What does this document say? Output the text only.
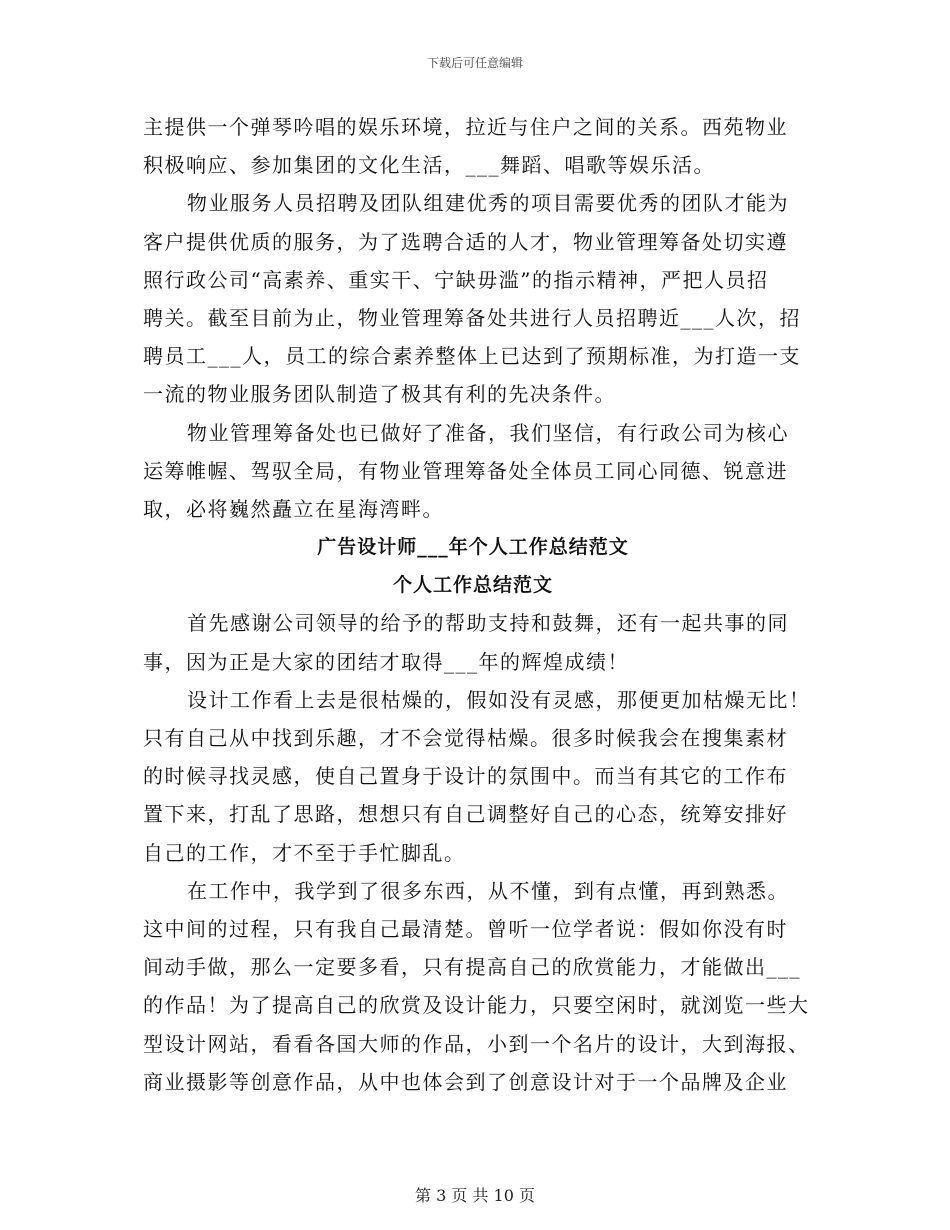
下载后可任意编辑
主提供一个弹琴吟唱的娱乐环境，拉近与住户之间的关系。西苑物业
积极响应、参加集团的文化生活，___舞蹈、唱歌等娱乐活。
物业服务人员招聘及团队组建优秀的项目需要优秀的团队才能为
客户提供优质的服务，为了选聘合适的人才，物业管理筹备处切实遵
照行政公司“高素养、重实干、宁缺毋滥”的指示精神，严把人员招
聘关。截至目前为止，物业管理筹备处共进行人员招聘近___人次，招
聘员工___人，员工的综合素养整体上已达到了预期标准，为打造一支
一流的物业服务团队制造了极其有利的先决条件。
物业管理筹备处也已做好了准备，我们坚信，有行政公司为核心
运筹帷幄、驾驭全局，有物业管理筹备处全体员工同心同德、锐意进
取，必将巍然矗立在星海湾畔。
广告设计师___年个人工作总结范文
个人工作总结范文
首先感谢公司领导的给予的帮助支持和鼓舞，还有一起共事的同
事，因为正是大家的团结才取得___年的辉煌成绩！
设计工作看上去是很枯燥的，假如没有灵感，那便更加枯燥无比！
只有自己从中找到乐趣，才不会觉得枯燥。很多时候我会在搜集素材
的时候寻找灵感，使自己置身于设计的氛围中。而当有其它的工作布
置下来，打乱了思路，想想只有自己调整好自己的心态，统筹安排好
自己的工作，才不至于手忙脚乱。
在工作中，我学到了很多东西，从不懂，到有点懂，再到熟悉。
这中间的过程，只有我自己最清楚。曾听一位学者说：假如你没有时
间动手做，那么一定要多看，只有提高自己的欣赏能力，才能做出___
的作品！为了提高自己的欣赏及设计能力，只要空闲时，就浏览一些大
型设计网站，看看各国大师的作品，小到一个名片的设计，大到海报、
商业摄影等创意作品，从中也体会到了创意设计对于一个品牌及企业
第 3 页 共 10 页
